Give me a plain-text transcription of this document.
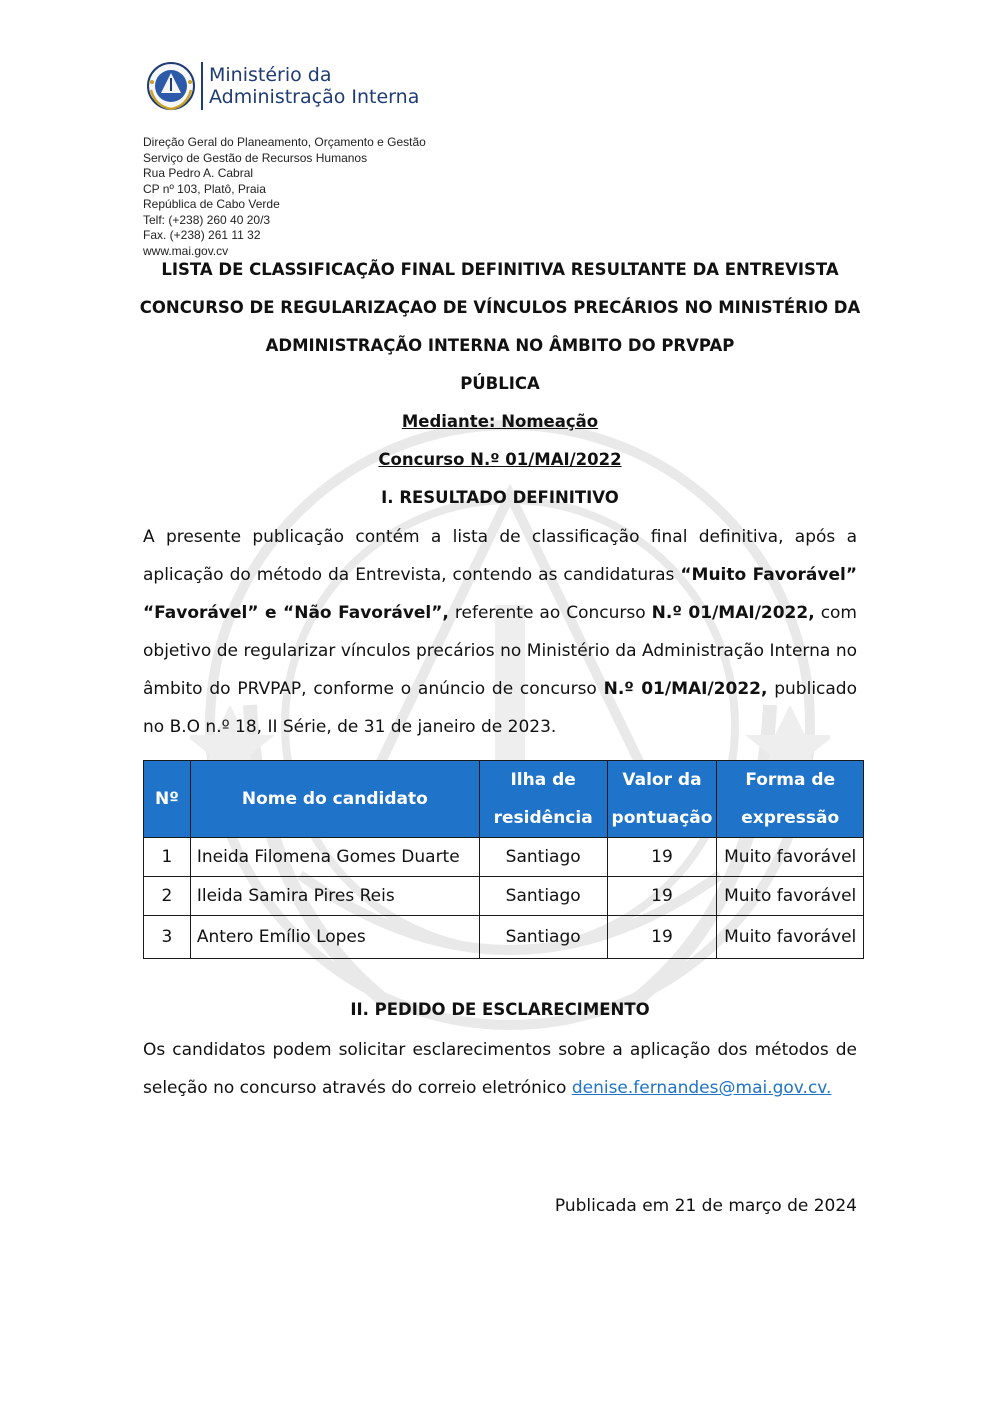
Ministério da
Administração Interna
Direção Geral do Planeamento, Orçamento e Gestão
Serviço de Gestão de Recursos Humanos
Rua Pedro A. Cabral
CP nº 103, Platô, Praia
República de Cabo Verde
Telf: (+238) 260 40 20/3
Fax. (+238) 261 11 32
www.mai.gov.cv
LISTA DE CLASSIFICAÇÃO FINAL DEFINITIVA RESULTANTE DA ENTREVISTA
CONCURSO DE REGULARIZAÇAO DE VÍNCULOS PRECÁRIOS NO MINISTÉRIO DA
ADMINISTRAÇÃO INTERNA NO ÂMBITO DO PRVPAP
PÚBLICA
Mediante: Nomeação
Concurso N.º 01/MAI/2022
I. RESULTADO DEFINITIVO
A presente publicação contém a lista de classificação final definitiva, após a aplicação do método da Entrevista, contendo as candidaturas “Muito Favorável” “Favorável” e “Não Favorável”, referente ao Concurso N.º 01/MAI/2022, com objetivo de regularizar vínculos precários no Ministério da Administração Interna no âmbito do PRVPAP, conforme o anúncio de concurso N.º 01/MAI/2022, publicado no B.O n.º 18, II Série, de 31 de janeiro de 2023.
Nº	Nome do candidato	Ilha de residência	Valor da pontuação	Forma de expressão
1	Ineida Filomena Gomes Duarte	Santiago	19	Muito favorável
2	Ileida Samira Pires Reis	Santiago	19	Muito favorável
3	Antero Emílio Lopes	Santiago	19	Muito favorável
II. PEDIDO DE ESCLARECIMENTO
Os candidatos podem solicitar esclarecimentos sobre a aplicação dos métodos de seleção no concurso através do correio eletrónico denise.fernandes@mai.gov.cv.
Publicada em 21 de março de 2024
